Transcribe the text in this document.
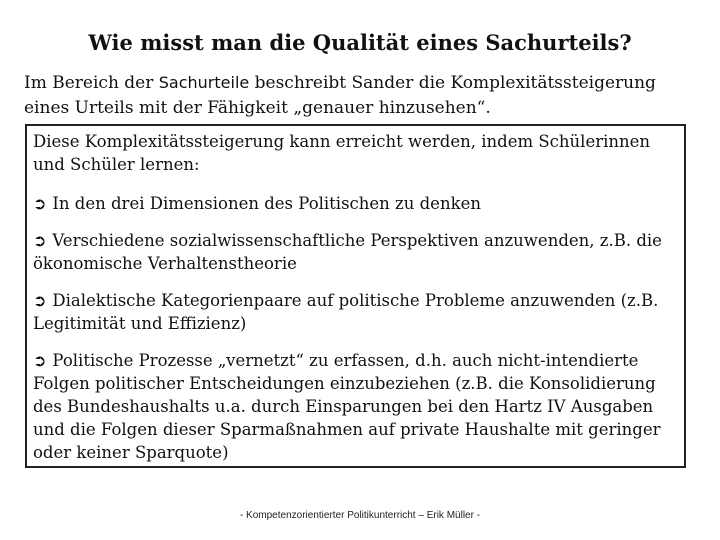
Wie misst man die Qualität eines Sachurteils?
Im Bereich der Sachurteile beschreibt Sander die Komplexitätssteigerung eines Urteils mit der Fähigkeit „genauer hinzusehen“.

Diese Komplexitätssteigerung kann erreicht werden, indem Schülerinnen und Schüler lernen:

➲ In den drei Dimensionen des Politischen zu denken

➲ Verschiedene sozialwissenschaftliche Perspektiven anzuwenden, z.B. die ökonomische Verhaltenstheorie

➲ Dialektische Kategorienpaare auf politische Probleme anzuwenden (z.B. Legitimität und Effizienz)

➲ Politische Prozesse „vernetzt“ zu erfassen, d.h. auch nicht-intendierte Folgen politischer Entscheidungen einzubeziehen (z.B. die Konsolidierung des Bundeshaushalts u.a. durch Einsparungen bei den Hartz IV Ausgaben und die Folgen dieser Sparmaßnahmen auf private Haushalte mit geringer oder keiner Sparquote)

- Kompetenzorientierter Politikunterricht – Erik Müller -
